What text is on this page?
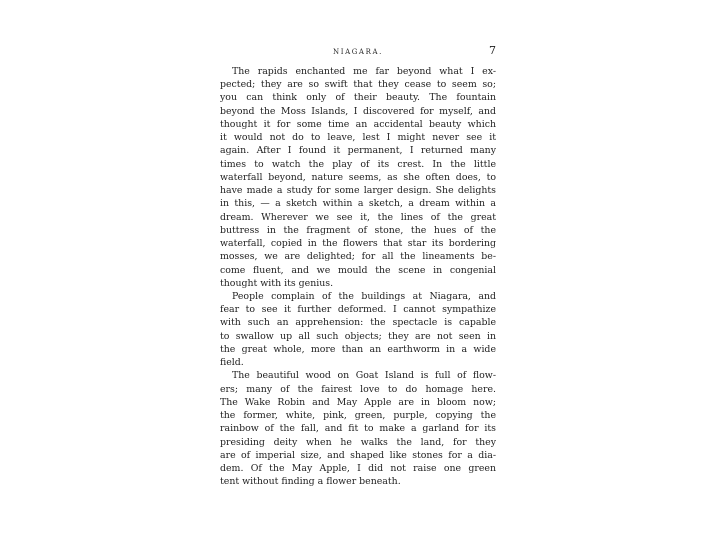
NIAGARA.	7
The rapids enchanted me far beyond what I ex-
pected; they are so swift that they cease to seem so;
you can think only of their beauty. The fountain
beyond the Moss Islands, I discovered for myself, and
thought it for some time an accidental beauty which
it would not do to leave, lest I might never see it
again. After I found it permanent, I returned many
times to watch the play of its crest. In the little
waterfall beyond, nature seems, as she often does, to
have made a study for some larger design. She delights
in this, — a sketch within a sketch, a dream within a
dream. Wherever we see it, the lines of the great
buttress in the fragment of stone, the hues of the
waterfall, copied in the flowers that star its bordering
mosses, we are delighted; for all the lineaments be-
come fluent, and we mould the scene in congenial
thought with its genius.
People complain of the buildings at Niagara, and
fear to see it further deformed. I cannot sympathize
with such an apprehension: the spectacle is capable
to swallow up all such objects; they are not seen in
the great whole, more than an earthworm in a wide
field.
The beautiful wood on Goat Island is full of flow-
ers; many of the fairest love to do homage here.
The Wake Robin and May Apple are in bloom now;
the former, white, pink, green, purple, copying the
rainbow of the fall, and fit to make a garland for its
presiding deity when he walks the land, for they
are of imperial size, and shaped like stones for a dia-
dem. Of the May Apple, I did not raise one green
tent without finding a flower beneath.
